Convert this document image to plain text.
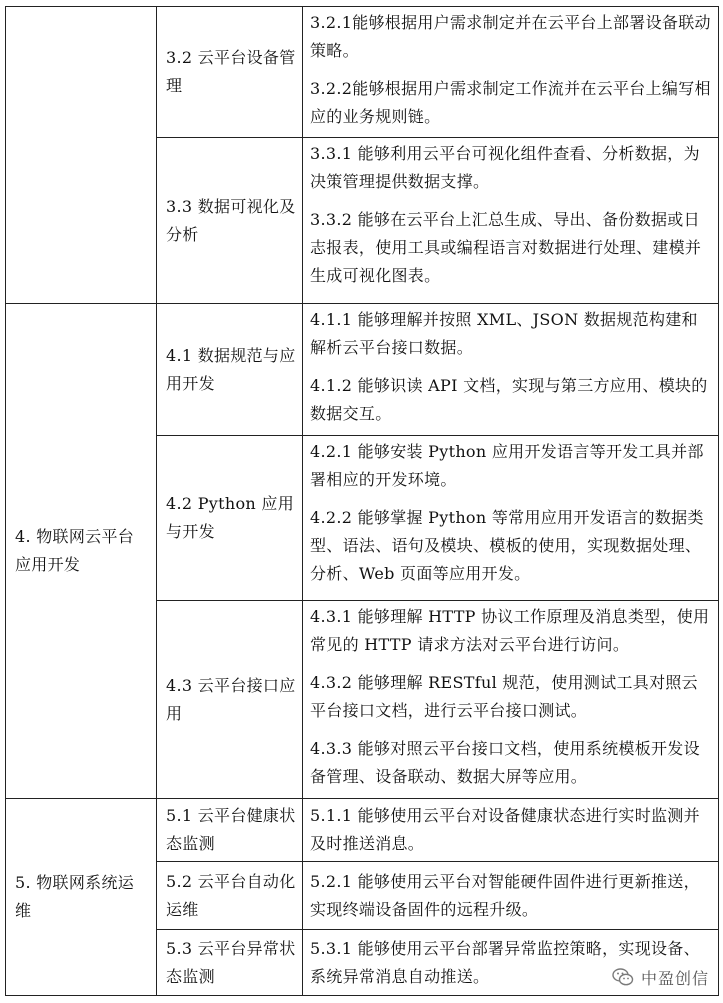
	3.2 云平台设备管理	3.2.1能够根据用户需求制定并在云平台上部署设备联动策略。
3.2.2能够根据用户需求制定工作流并在云平台上编写相应的业务规则链。

	3.3 数据可视化及分析	3.3.1 能够利用云平台可视化组件查看、分析数据，为决策管理提供数据支撑。
3.3.2 能够在云平台上汇总生成、导出、备份数据或日志报表，使用工具或编程语言对数据进行处理、建模并生成可视化图表。

4. 物联网云平台应用开发	4.1 数据规范与应用开发	4.1.1 能够理解并按照 XML、JSON 数据规范构建和解析云平台接口数据。
4.1.2 能够识读 API 文档，实现与第三方应用、模块的数据交互。

	4.2 Python 应用与开发	4.2.1 能够安装 Python 应用开发语言等开发工具并部署相应的开发环境。
4.2.2 能够掌握 Python 等常用应用开发语言的数据类型、语法、语句及模块、模板的使用，实现数据处理、分析、Web 页面等应用开发。

	4.3 云平台接口应用	4.3.1 能够理解 HTTP 协议工作原理及消息类型，使用常见的 HTTP 请求方法对云平台进行访问。
4.3.2 能够理解 RESTful 规范，使用测试工具对照云平台接口文档，进行云平台接口测试。
4.3.3 能够对照云平台接口文档，使用系统模板开发设备管理、设备联动、数据大屏等应用。

5. 物联网系统运维	5.1 云平台健康状态监测	5.1.1 能够使用云平台对设备健康状态进行实时监测并及时推送消息。

	5.2 云平台自动化运维	5.2.1 能够使用云平台对智能硬件固件进行更新推送，实现终端设备固件的远程升级。

	5.3 云平台异常状态监测	5.3.1 能够使用云平台部署异常监控策略，实现设备、系统异常消息自动推送。	中盈创信
